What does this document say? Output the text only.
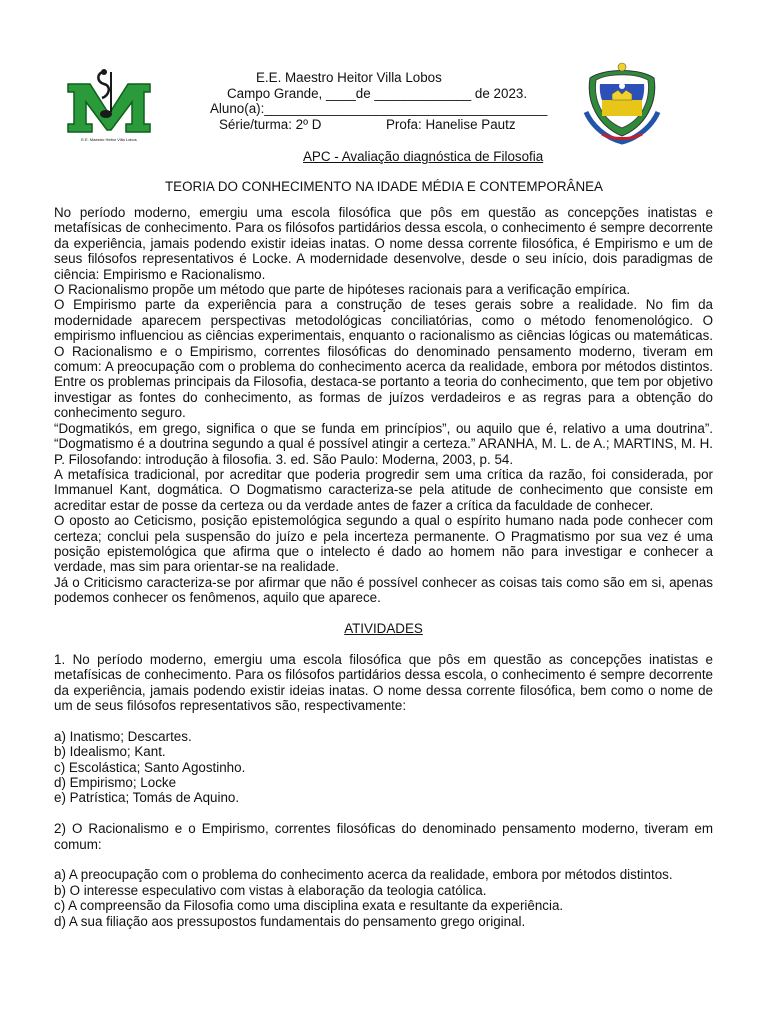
E.E. Maestro Heitor Villa Lobos
E.E. Maestro Heitor Villa Lobos
Campo Grande, ____de _____________ de 2023.
Aluno(a):______________________________________
Série/turma: 2º D	Profa: Hanelise Pautz
APC - Avaliação diagnóstica de Filosofia
TEORIA DO CONHECIMENTO NA IDADE MÉDIA E CONTEMPORÂNEA

No período moderno, emergiu uma escola filosófica que pôs em questão as concepções inatistas e metafísicas de conhecimento. Para os filósofos partidários dessa escola, o conhecimento é sempre decorrente da experiência, jamais podendo existir ideias inatas. O nome dessa corrente filosófica, é Empirismo e um de seus filósofos representativos é Locke. A modernidade desenvolve, desde o seu início, dois paradigmas de ciência: Empirismo e Racionalismo.

O Racionalismo propõe um método que parte de hipóteses racionais para a verificação empírica.

O Empirismo parte da experiência para a construção de teses gerais sobre a realidade. No fim da modernidade aparecem perspectivas metodológicas conciliatórias, como o método fenomenológico. O empirismo influenciou as ciências experimentais, enquanto o racionalismo as ciências lógicas ou matemáticas. O Racionalismo e o Empirismo, correntes filosóficas do denominado pensamento moderno, tiveram em comum: A preocupação com o problema do conhecimento acerca da realidade, embora por métodos distintos. Entre os problemas principais da Filosofia, destaca-se portanto a teoria do conhecimento, que tem por objetivo investigar as fontes do conhecimento, as formas de juízos verdadeiros e as regras para a obtenção do conhecimento seguro.

“Dogmatikós, em grego, significa o que se funda em princípios”, ou aquilo que é, relativo a uma doutrina”. “Dogmatismo é a doutrina segundo a qual é possível atingir a certeza.” ARANHA, M. L. de A.; MARTINS, M. H. P. Filosofando: introdução à filosofia. 3. ed. São Paulo: Moderna, 2003, p. 54.

A metafísica tradicional, por acreditar que poderia progredir sem uma crítica da razão, foi considerada, por Immanuel Kant, dogmática. O Dogmatismo caracteriza-se pela atitude de conhecimento que consiste em acreditar estar de posse da certeza ou da verdade antes de fazer a crítica da faculdade de conhecer.

O oposto ao Ceticismo, posição epistemológica segundo a qual o espírito humano nada pode conhecer com certeza; conclui pela suspensão do juízo e pela incerteza permanente. O Pragmatismo por sua vez é uma posição epistemológica que afirma que o intelecto é dado ao homem não para investigar e conhecer a verdade, mas sim para orientar-se na realidade.

Já o Criticismo caracteriza-se por afirmar que não é possível conhecer as coisas tais como são em si, apenas podemos conhecer os fenômenos, aquilo que aparece.

ATIVIDADES

1. No período moderno, emergiu uma escola filosófica que pôs em questão as concepções inatistas e metafísicas de conhecimento. Para os filósofos partidários dessa escola, o conhecimento é sempre decorrente da experiência, jamais podendo existir ideias inatas. O nome dessa corrente filosófica, bem como o nome de um de seus filósofos representativos são, respectivamente:

a) Inatismo; Descartes.

b) Idealismo; Kant.

c) Escolástica; Santo Agostinho.

d) Empirismo; Locke

e) Patrística; Tomás de Aquino.

2) O Racionalismo e o Empirismo, correntes filosóficas do denominado pensamento moderno, tiveram em comum:

a) A preocupação com o problema do conhecimento acerca da realidade, embora por métodos distintos.

b) O interesse especulativo com vistas à elaboração da teologia católica.

c) A compreensão da Filosofia como uma disciplina exata e resultante da experiência.

d) A sua filiação aos pressupostos fundamentais do pensamento grego original.
